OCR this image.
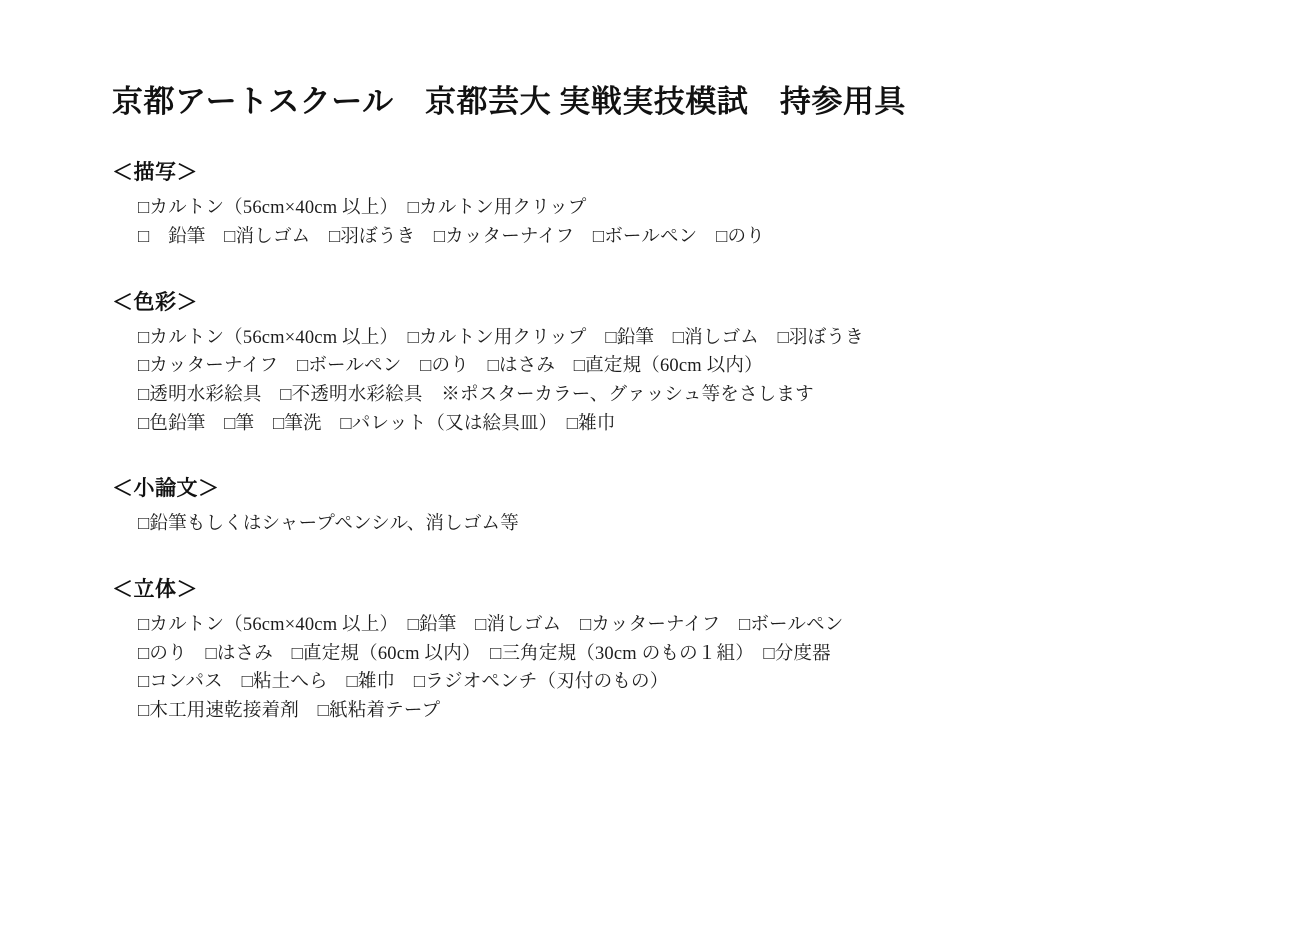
京都アートスクール　京都芸大 実戦実技模試　持参用具
＜描写＞
□カルトン（56cm×40cm 以上）　□カルトン用クリップ
□　鉛筆　□消しゴム　□羽ぼうき　□カッターナイフ　□ボールペン　□のり
＜色彩＞
□カルトン（56cm×40cm 以上）　□カルトン用クリップ　□鉛筆　□消しゴム　□羽ぼうき
□カッターナイフ　□ボールペン　□のり　□はさみ　□直定規（60cm 以内）
□透明水彩絵具　□不透明水彩絵具　※ポスターカラー、グァッシュ等をさします
□色鉛筆　□筆　□筆洗　□パレット（又は絵具皿）　□雑巾
＜小論文＞
□鉛筆もしくはシャープペンシル、消しゴム等
＜立体＞
□カルトン（56cm×40cm 以上）　□鉛筆　□消しゴム　□カッターナイフ　□ボールペン
□のり　□はさみ　□直定規（60cm 以内）　□三角定規（30cm のもの１組）　□分度器
□コンパス　□粘土へら　□雑巾　□ラジオペンチ（刃付のもの）
□木工用速乾接着剤　□紙粘着テープ
